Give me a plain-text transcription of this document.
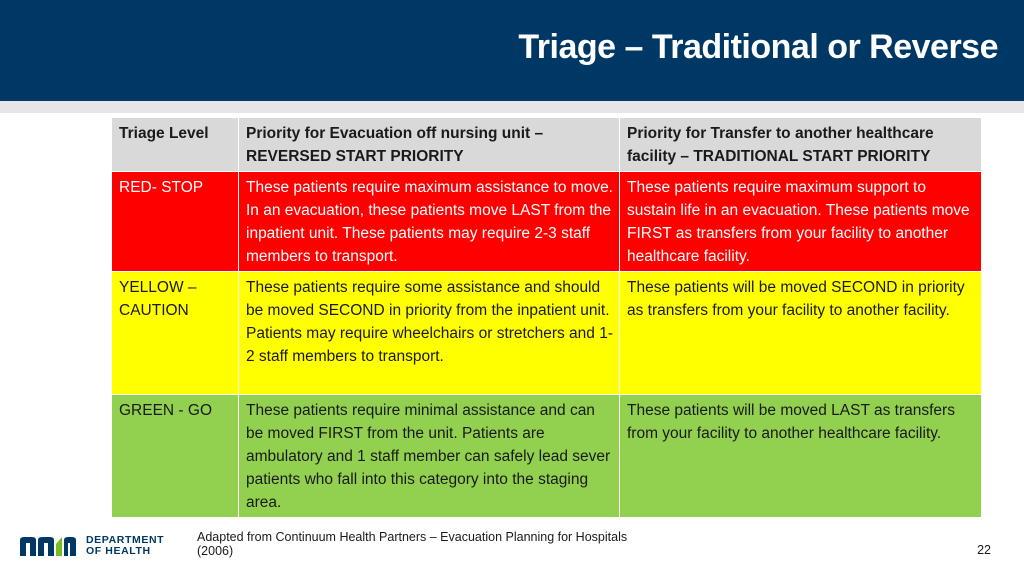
Triage – Traditional or Reverse
Triage Level	Priority for Evacuation off nursing unit – REVERSED START PRIORITY	Priority for Transfer to another healthcare facility – TRADITIONAL START PRIORITY
RED- STOP	These patients require maximum assistance to move. In an evacuation, these patients move LAST from the inpatient unit. These patients may require 2-3 staff members to transport.	These patients require maximum support to sustain life in an evacuation. These patients move FIRST as transfers from your facility to another healthcare facility.
YELLOW – CAUTION	These patients require some assistance and should be moved SECOND in priority from the inpatient unit. Patients may require wheelchairs or stretchers and 1-2 staff members to transport.	These patients will be moved SECOND in priority as transfers from your facility to another facility.
GREEN - GO	These patients require minimal assistance and can be moved FIRST from the unit. Patients are ambulatory and 1 staff member can safely lead sever patients who fall into this category into the staging area.	These patients will be moved LAST as transfers from your facility to another healthcare facility.
DEPARTMENT
OF HEALTH
Adapted from Continuum Health Partners – Evacuation Planning for Hospitals (2006)	22
